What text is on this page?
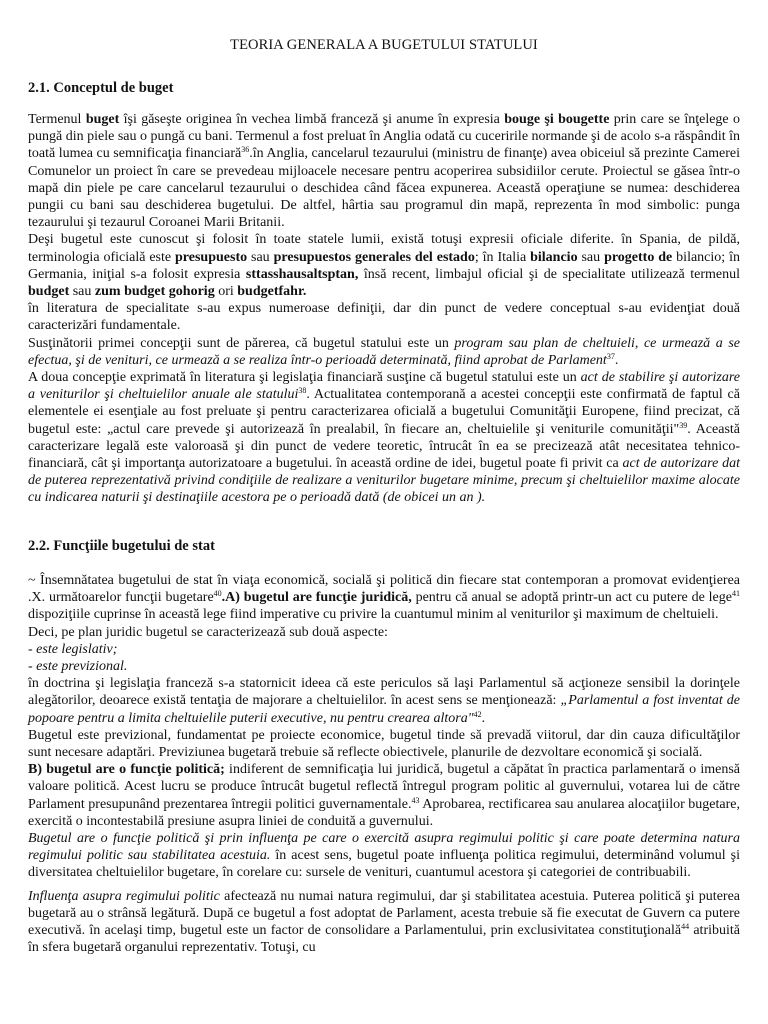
TEORIA GENERALA A BUGETULUI STATULUI
2.1. Conceptul de buget

Termenul buget îşi găseşte originea în vechea limbă franceză şi anume în expresia bouge şi bougette prin care se înţelege o pungă din piele sau o pungă cu bani. Termenul a fost preluat în Anglia odată cu cuceririle normande şi de acolo s-a răspândit în toată lumea cu semnificaţia financiară$^{36}$.în Anglia, cancelarul tezaurului (ministru de finanţe) avea obiceiul să prezinte Camerei Comunelor un proiect în care se prevedeau mijloacele necesare pentru acoperirea subsidiilor cerute. Proiectul se găsea într-o mapă din piele pe care cancelarul tezaurului o deschidea când făcea expunerea. Această operaţiune se numea: deschiderea pungii cu bani sau deschiderea bugetului. De altfel, hârtia sau programul din mapă, reprezenta în mod simbolic: punga tezaurului şi tezaurul Coroanei Marii Britanii.

Deşi bugetul este cunoscut şi folosit în toate statele lumii, există totuşi expresii oficiale diferite. în Spania, de pildă, terminologia oficială este presupuesto sau presupuestos generales del estado; în Italia bilancio sau progetto de bilancio; în Germania, iniţial s-a folosit expresia sttasshausaltsptan, însă recent, limbajul oficial şi de specialitate utilizează termenul budget sau zum budget gohorig ori budgetfahr.

în literatura de specialitate s-au expus numeroase definiţii, dar din punct de vedere conceptual s-au evidenţiat două caracterizări fundamentale.

Susţinătorii primei concepţii sunt de părerea, că bugetul statului este un program sau plan de cheltuieli, ce urmează a se efectua, şi de venituri, ce urmează a se realiza într-o perioadă determinată, fiind aprobat de Parlament$^{37}$.

A doua concepţie exprimată în literatura şi legislaţia financiară susţine că bugetul statului este un act de stabilire şi autorizare a veniturilor şi cheltuielilor anuale ale statului$^{38}$. Actualitatea contemporană a acestei concepţii este confirmată de faptul că elementele ei esenţiale au fost preluate şi pentru caracterizarea oficială a bugetului Comunităţii Europene, fiind precizat, că bugetul este: „actul care prevede şi autorizează în prealabil, în fiecare an, cheltuielile şi veniturile comunităţii"$^{39}$. Această caracterizare legală este valoroasă şi din punct de vedere teoretic, întrucât în ea se precizează atât necesitatea tehnico-financiară, cât şi importanţa autorizatoare a bugetului. în această ordine de idei, bugetul poate fi privit ca act de autorizare dat de puterea reprezentativă privind condiţiile de realizare a veniturilor bugetare minime, precum şi cheltuielilor maxime alocate cu indicarea naturii şi destinaţiile acestora pe o perioadă dată (de obicei un an ).

2.2. Funcţiile bugetului de stat

~ Însemnătatea bugetului de stat în viaţa economică, socială şi politică din fiecare stat contemporan a promovat evidenţierea .X. următoarelor funcţii bugetare$^{40}$.A) bugetul are funcţie juridică, pentru că anual se adoptă printr-un act cu putere de lege$^{41}$ dispoziţiile cuprinse în această lege fiind imperative cu privire la cuantumul minim al veniturilor şi maximum de cheltuieli.

Deci, pe plan juridic bugetul se caracterizează sub două aspecte:

- este legislativ;

- este previzional.

în doctrina şi legislaţia franceză s-a statornicit ideea că este periculos să laşi Parlamentul să acţioneze sensibil la dorinţele alegătorilor, deoarece există tentaţia de majorare a cheltuielilor. în acest sens se menţionează: „Parlamentul a fost inventat de popoare pentru a limita cheltuielile puterii executive, nu pentru crearea altora"$^{42}$.

Bugetul este previzional, fundamentat pe proiecte economice, bugetul tinde să prevadă viitorul, dar din cauza dificultăţilor sunt necesare adaptări. Previziunea bugetară trebuie să reflecte obiectivele, planurile de dezvoltare economică şi socială.

B) bugetul are o funcţie politică; indiferent de semnificaţia lui juridică, bugetul a căpătat în practica parlamentară o imensă valoare politică. Acest lucru se produce întrucât bugetul reflectă întregul program politic al guvernului, votarea lui de către Parlament presupunând prezentarea întregii politici guvernamentale.$^{43}$ Aprobarea, rectificarea sau anularea alocaţiilor bugetare, exercită o incontestabilă presiune asupra liniei de conduită a guvernului.

Bugetul are o funcţie politică şi prin influenţa pe care o exercită asupra regimului politic şi care poate determina natura regimului politic sau stabilitatea acestuia. în acest sens, bugetul poate influenţa politica regimului, determinând volumul şi diversitatea cheltuielilor bugetare, în corelare cu: sursele de venituri, cuantumul acestora şi categoriei de contribuabili.

Influenţa asupra regimului politic afectează nu numai natura regimului, dar şi stabilitatea acestuia. Puterea politică şi puterea bugetară au o strânsă legătură. După ce bugetul a fost adoptat de Parlament, acesta trebuie să fie executat de Guvern ca putere executivă. în acelaşi timp, bugetul este un factor de consolidare a Parlamentului, prin exclusivitatea constituţională$^{44}$ atribuită în sfera bugetară organului reprezentativ. Totuşi, cu
